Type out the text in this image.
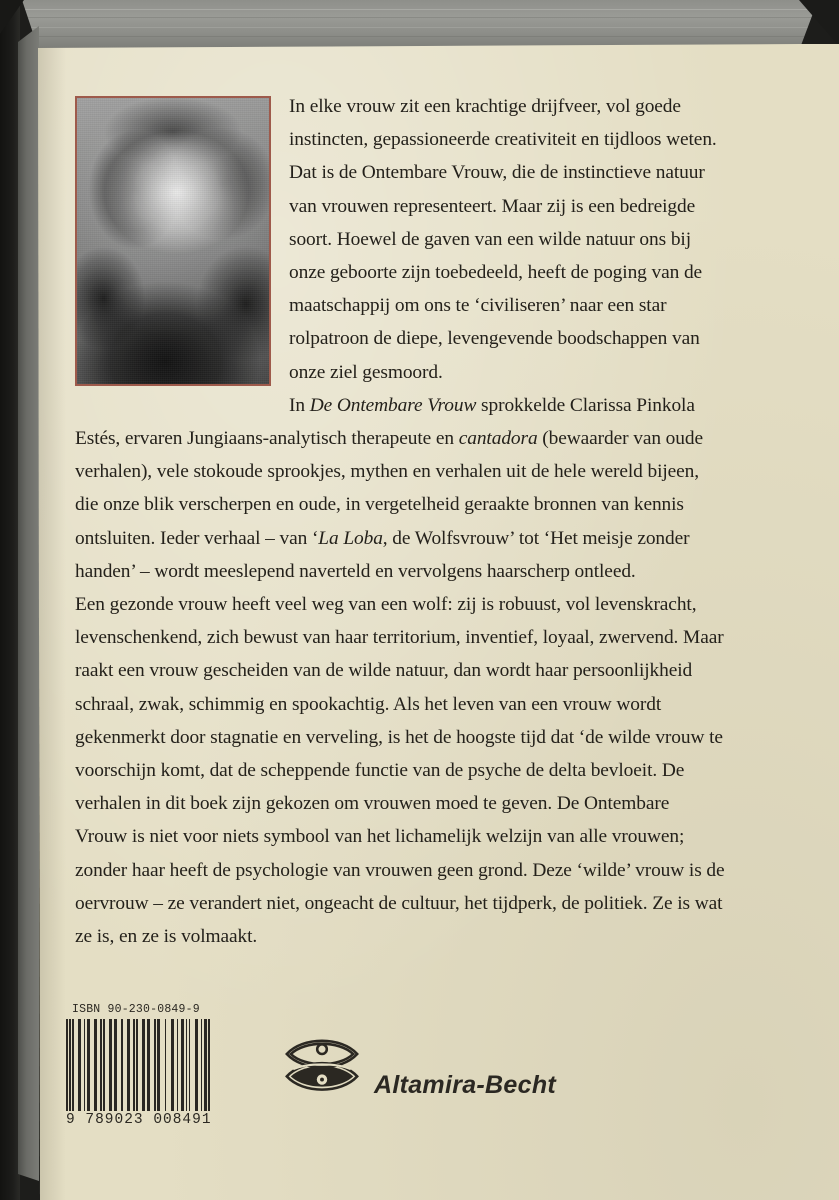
In elke vrouw zit een krachtige drijfveer, vol goede instincten, gepassioneerde creativiteit en tijdloos weten. Dat is de Ontembare Vrouw, die de instinctieve natuur van vrouwen representeert. Maar zij is een bedreigde soort. Hoewel de gaven van een wilde natuur ons bij onze geboorte zijn toebedeeld, heeft de poging van de maatschappij om ons te ‘civiliseren’ naar een star rolpatroon de diepe, levengevende boodschappen van onze ziel gesmoord.

In De Ontembare Vrouw sprokkelde Clarissa Pinkola Estés, ervaren Jungiaans-analytisch therapeute en cantadora (bewaarder van oude verhalen), vele stokoude sprookjes, mythen en verhalen uit de hele wereld bijeen, die onze blik verscherpen en oude, in vergetelheid geraakte bronnen van kennis ontsluiten. Ieder verhaal – van ‘La Loba, de Wolfsvrouw’ tot ‘Het meisje zonder handen’ – wordt meeslepend naverteld en vervolgens haarscherp ontleed.

Een gezonde vrouw heeft veel weg van een wolf: zij is robuust, vol levenskracht, levenschenkend, zich bewust van haar territorium, inventief, loyaal, zwervend. Maar raakt een vrouw gescheiden van de wilde natuur, dan wordt haar persoonlijkheid schraal, zwak, schimmig en spookachtig. Als het leven van een vrouw wordt gekenmerkt door stagnatie en verveling, is het de hoogste tijd dat ‘de wilde vrouw te voorschijn komt, dat de scheppende functie van de psyche de delta bevloeit. De verhalen in dit boek zijn gekozen om vrouwen moed te geven. De Ontembare Vrouw is niet voor niets symbool van het lichamelijk welzijn van alle vrouwen; zonder haar heeft de psychologie van vrouwen geen grond. Deze ‘wilde’ vrouw is de oervrouw – ze verandert niet, ongeacht de cultuur, het tijdperk, de politiek. Ze is wat ze is, en ze is volmaakt.

ISBN 90-230-0849-9
9 789023 008491
Altamira-Becht
